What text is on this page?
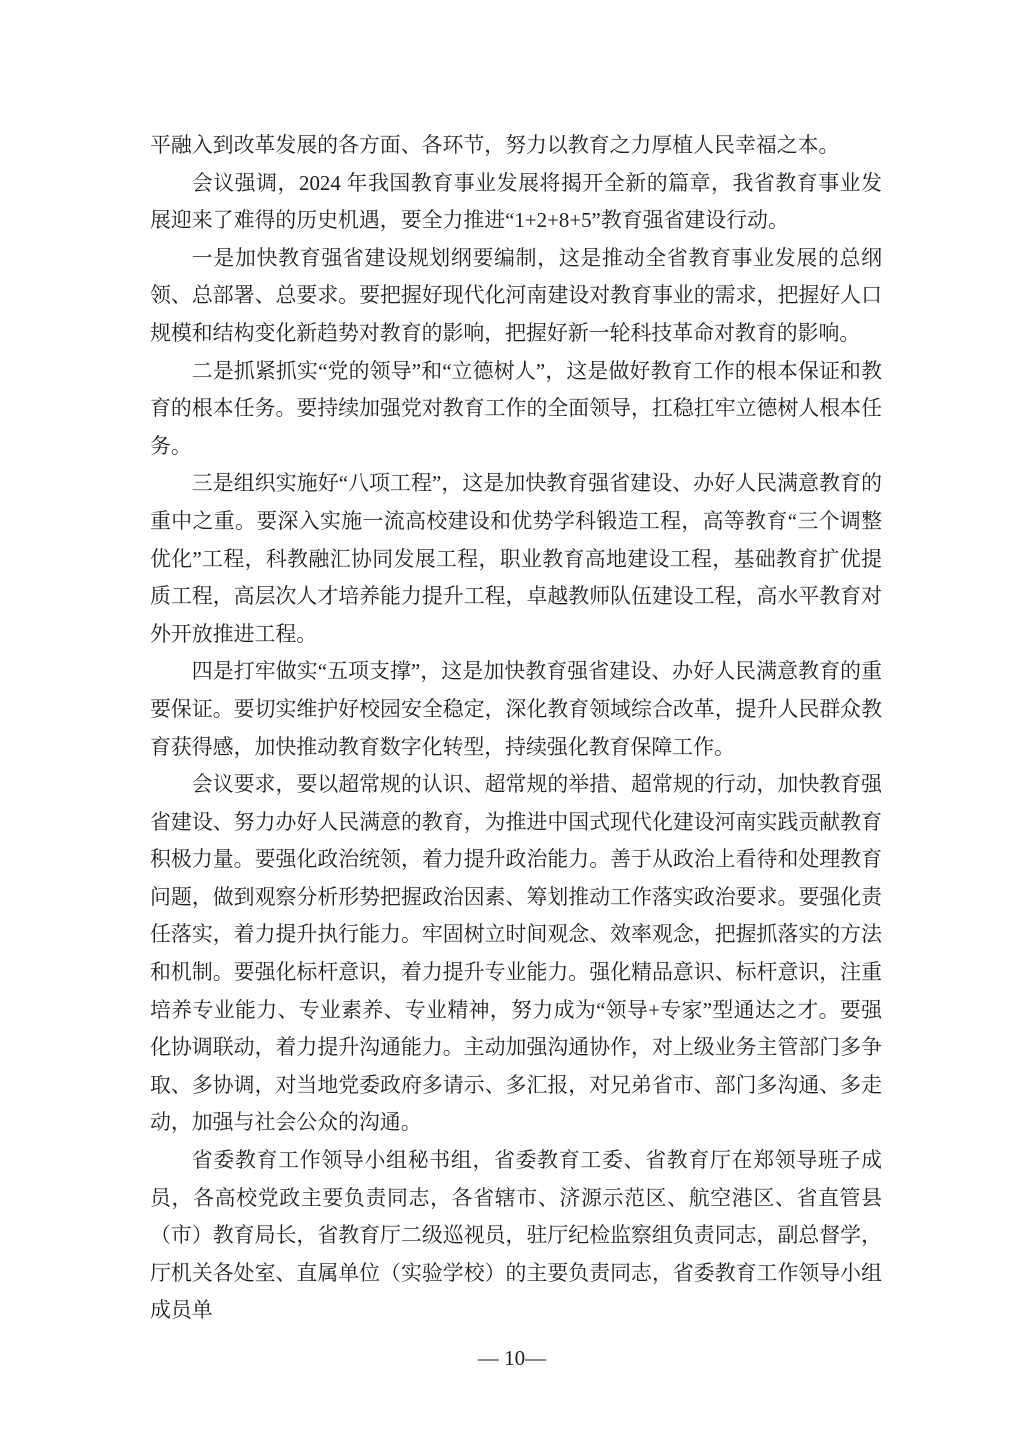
平融入到改革发展的各方面、各环节，努力以教育之力厚植人民幸福之本。

会议强调，2024 年我国教育事业发展将揭开全新的篇章，我省教育事业发展迎来了难得的历史机遇，要全力推进“1+2+8+5”教育强省建设行动。

一是加快教育强省建设规划纲要编制，这是推动全省教育事业发展的总纲领、总部署、总要求。要把握好现代化河南建设对教育事业的需求，把握好人口规模和结构变化新趋势对教育的影响，把握好新一轮科技革命对教育的影响。

二是抓紧抓实“党的领导”和“立德树人”，这是做好教育工作的根本保证和教育的根本任务。要持续加强党对教育工作的全面领导，扛稳扛牢立德树人根本任务。

三是组织实施好“八项工程”，这是加快教育强省建设、办好人民满意教育的重中之重。要深入实施一流高校建设和优势学科锻造工程，高等教育“三个调整优化”工程，科教融汇协同发展工程，职业教育高地建设工程，基础教育扩优提质工程，高层次人才培养能力提升工程，卓越教师队伍建设工程，高水平教育对外开放推进工程。

四是打牢做实“五项支撑”，这是加快教育强省建设、办好人民满意教育的重要保证。要切实维护好校园安全稳定，深化教育领域综合改革，提升人民群众教育获得感，加快推动教育数字化转型，持续强化教育保障工作。

会议要求，要以超常规的认识、超常规的举措、超常规的行动，加快教育强省建设、努力办好人民满意的教育，为推进中国式现代化建设河南实践贡献教育积极力量。要强化政治统领，着力提升政治能力。善于从政治上看待和处理教育问题，做到观察分析形势把握政治因素、筹划推动工作落实政治要求。要强化责任落实，着力提升执行能力。牢固树立时间观念、效率观念，把握抓落实的方法和机制。要强化标杆意识，着力提升专业能力。强化精品意识、标杆意识，注重培养专业能力、专业素养、专业精神，努力成为“领导+专家”型通达之才。要强化协调联动，着力提升沟通能力。主动加强沟通协作，对上级业务主管部门多争取、多协调，对当地党委政府多请示、多汇报，对兄弟省市、部门多沟通、多走动，加强与社会公众的沟通。

省委教育工作领导小组秘书组，省委教育工委、省教育厅在郑领导班子成员，各高校党政主要负责同志，各省辖市、济源示范区、航空港区、省直管县（市）教育局长，省教育厅二级巡视员，驻厅纪检监察组负责同志，副总督学，厅机关各处室、直属单位（实验学校）的主要负责同志，省委教育工作领导小组成员单

— 10—
